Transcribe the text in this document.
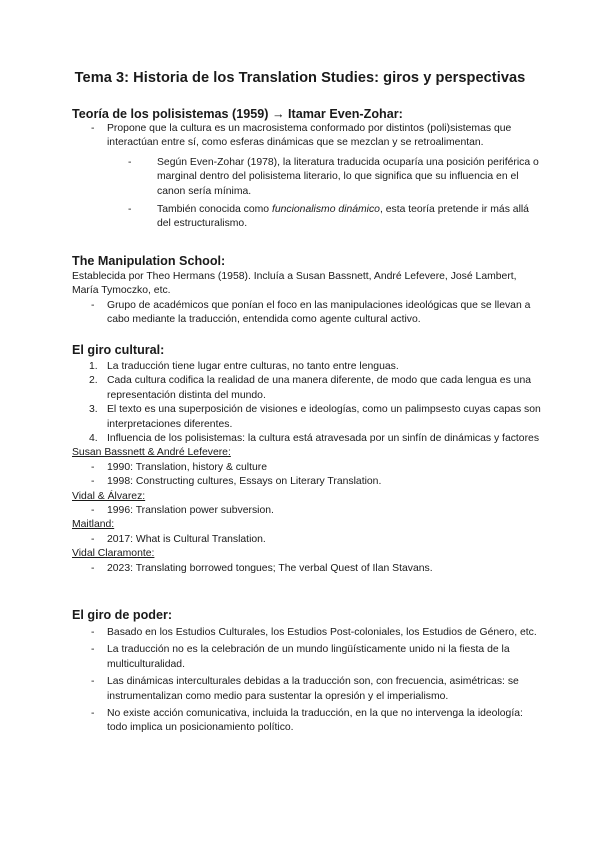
Tema 3: Historia de los Translation Studies: giros y perspectivas

Teoría de los polisistemas (1959) → Itamar Even-Zohar:

- Propone que la cultura es un macrosistema conformado por distintos (poli)sistemas que interactúan entre sí, como esferas dinámicas que se mezclan y se retroalimentan.
- Según Even-Zohar (1978), la literatura traducida ocuparía una posición periférica o marginal dentro del polisistema literario, lo que significa que su influencia en el canon sería mínima.
- También conocida como funcionalismo dinámico, esta teoría pretende ir más allá del estructuralismo.

The Manipulation School:

Establecida por Theo Hermans (1958). Incluía a Susan Bassnett, André Lefevere, José Lambert, María Tymoczko, etc.

- Grupo de académicos que ponían el foco en las manipulaciones ideológicas que se llevan a cabo mediante la traducción, entendida como agente cultural activo.

El giro cultural:

1. La traducción tiene lugar entre culturas, no tanto entre lenguas.
2. Cada cultura codifica la realidad de una manera diferente, de modo que cada lengua es una representación distinta del mundo.
3. El texto es una superposición de visiones e ideologías, como un palimpsesto cuyas capas son interpretaciones diferentes.
4. Influencia de los polisistemas: la cultura está atravesada por un sinfín de dinámicas y factores
Susan Bassnett & André Lefevere:
- 1990: Translation, history & culture
- 1998: Constructing cultures, Essays on Literary Translation.
Vidal & Álvarez:
- 1996: Translation power subversion.
Maitland:
- 2017: What is Cultural Translation.
Vidal Claramonte:
- 2023: Translating borrowed tongues; The verbal Quest of Ilan Stavans.

El giro de poder:

- Basado en los Estudios Culturales, los Estudios Post-coloniales, los Estudios de Género, etc.
- La traducción no es la celebración de un mundo lingüísticamente unido ni la fiesta de la multiculturalidad.
- Las dinámicas interculturales debidas a la traducción son, con frecuencia, asimétricas: se instrumentalizan como medio para sustentar la opresión y el imperialismo.
- No existe acción comunicativa, incluida la traducción, en la que no intervenga la ideología: todo implica un posicionamiento político.
